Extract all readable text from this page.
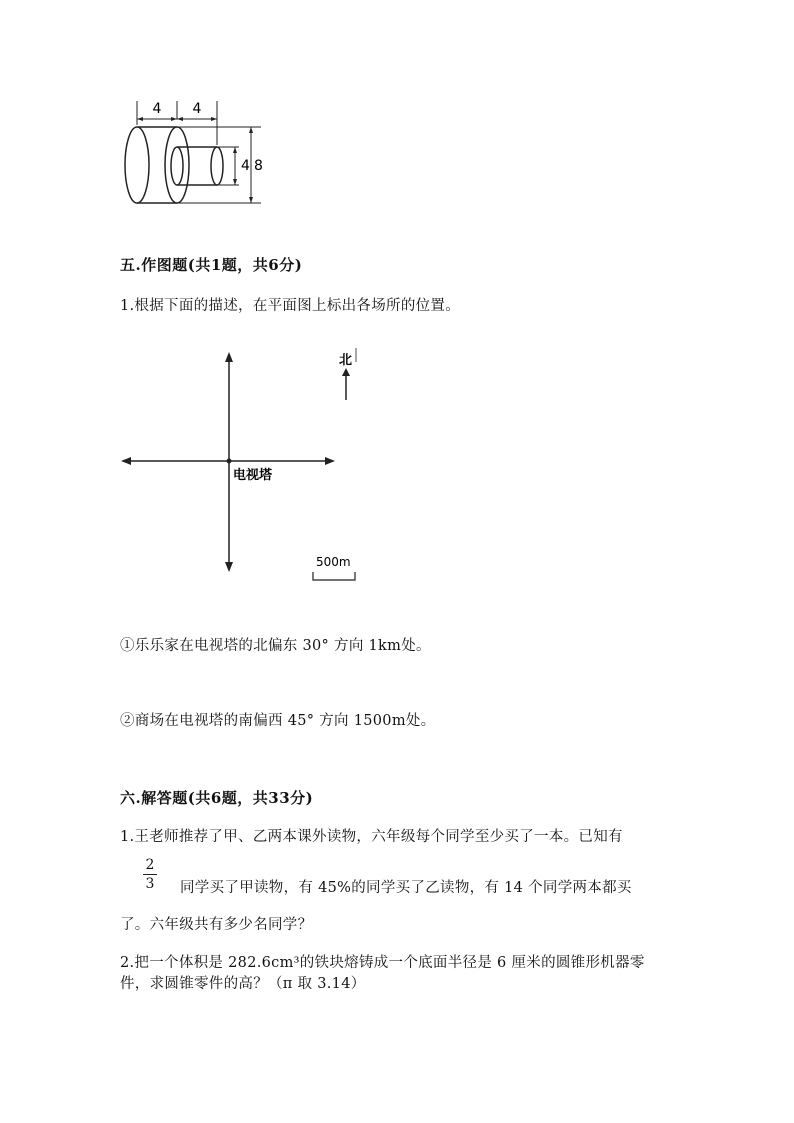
4 4
4 8
五.作图题(共1题，共6分)
1.根据下面的描述，在平面图上标出各场所的位置。
电视塔
北
500m
①乐乐家在电视塔的北偏东 30° 方向 1km处。
②商场在电视塔的南偏西 45° 方向 1500m处。
六.解答题(共6题，共33分)
1.王老师推荐了甲、乙两本课外读物，六年级每个同学至少买了一本。已知有
2
3 同学买了甲读物，有 45%的同学买了乙读物，有 14 个同学两本都买
了。六年级共有多少名同学？
2.把一个体积是 282.6cm³的铁块熔铸成一个底面半径是 6 厘米的圆锥形机器零
件，求圆锥零件的高？（π 取 3.14）
